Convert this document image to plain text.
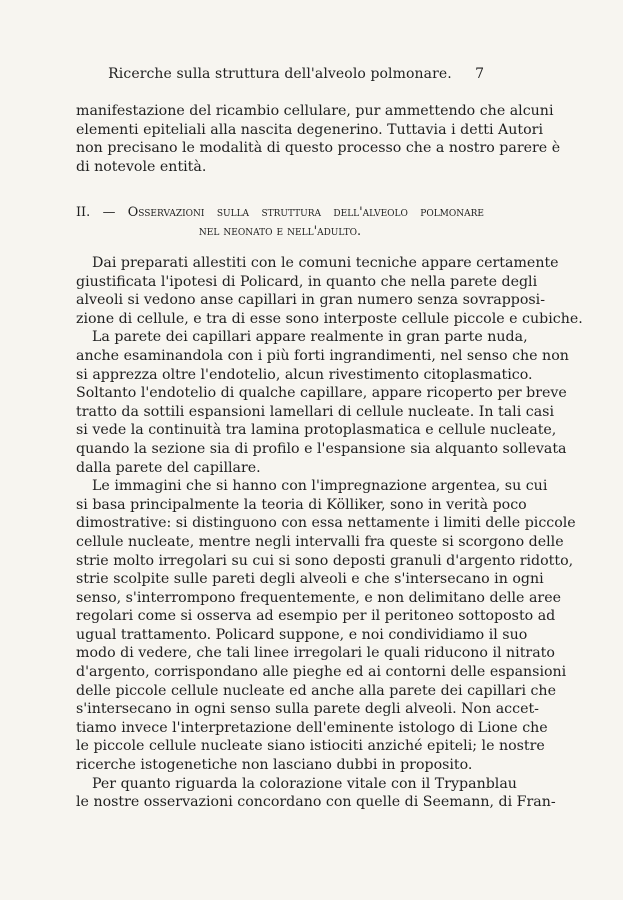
Ricerche sulla struttura dell'alveolo polmonare.	7
manifestazione del ricambio cellulare, pur ammettendo che alcuni
elementi epiteliali alla nascita degenerino. Tuttavia i detti Autori
non precisano le modalità di questo processo che a nostro parere è
di notevole entità.
II. — Osservazioni sulla struttura dell'alveolo polmonare
nel neonato e nell'adulto.
Dai preparati allestiti con le comuni tecniche appare certamente
giustificata l'ipotesi di Policard, in quanto che nella parete degli
alveoli si vedono anse capillari in gran numero senza sovrapposi-
zione di cellule, e tra di esse sono interposte cellule piccole e cubiche.
La parete dei capillari appare realmente in gran parte nuda,
anche esaminandola con i più forti ingrandimenti, nel senso che non
si apprezza oltre l'endotelio, alcun rivestimento citoplasmatico.
Soltanto l'endotelio di qualche capillare, appare ricoperto per breve
tratto da sottili espansioni lamellari di cellule nucleate. In tali casi
si vede la continuità tra lamina protoplasmatica e cellule nucleate,
quando la sezione sia di profilo e l'espansione sia alquanto sollevata
dalla parete del capillare.
Le immagini che si hanno con l'impregnazione argentea, su cui
si basa principalmente la teoria di Kölliker, sono in verità poco
dimostrative: si distinguono con essa nettamente i limiti delle piccole
cellule nucleate, mentre negli intervalli fra queste si scorgono delle
strie molto irregolari su cui si sono deposti granuli d'argento ridotto,
strie scolpite sulle pareti degli alveoli e che s'intersecano in ogni
senso, s'interrompono frequentemente, e non delimitano delle aree
regolari come si osserva ad esempio per il peritoneo sottoposto ad
ugual trattamento. Policard suppone, e noi condividiamo il suo
modo di vedere, che tali linee irregolari le quali riducono il nitrato
d'argento, corrispondano alle pieghe ed ai contorni delle espansioni
delle piccole cellule nucleate ed anche alla parete dei capillari che
s'intersecano in ogni senso sulla parete degli alveoli. Non accet-
tiamo invece l'interpretazione dell'eminente istologo di Lione che
le piccole cellule nucleate siano istiociti anziché epiteli; le nostre
ricerche istogenetiche non lasciano dubbi in proposito.
Per quanto riguarda la colorazione vitale con il Trypanblau
le nostre osservazioni concordano con quelle di Seemann, di Fran-
